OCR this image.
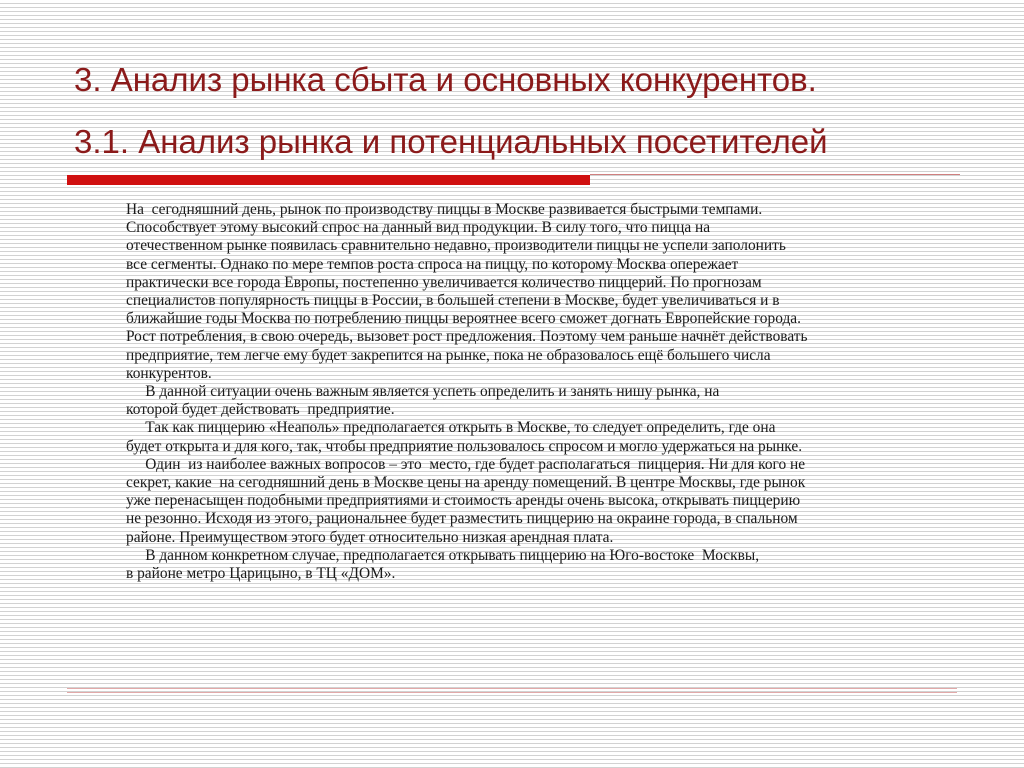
3. Анализ рынка сбыта и основных конкурентов.
3.1. Анализ рынка и потенциальных посетителей
На  сегодняшний день, рынок по производству пиццы в Москве развивается быстрыми темпами.
Способствует этому высокий спрос на данный вид продукции. В силу того, что пицца на
отечественном рынке появилась сравнительно недавно, производители пиццы не успели заполонить
все сегменты. Однако по мере темпов роста спроса на пиццу, по которому Москва опережает
практически все города Европы, постепенно увеличивается количество пиццерий. По прогнозам
специалистов популярность пиццы в России, в большей степени в Москве, будет увеличиваться и в
ближайшие годы Москва по потреблению пиццы вероятнее всего сможет догнать Европейские города.
Рост потребления, в свою очередь, вызовет рост предложения. Поэтому чем раньше начнёт действовать
предприятие, тем легче ему будет закрепится на рынке, пока не образовалось ещё большего числа
конкурентов.
В данной ситуации очень важным является успеть определить и занять нишу рынка, на
которой будет действовать  предприятие.
Так как пиццерию «Неаполь» предполагается открыть в Москве, то следует определить, где она
будет открыта и для кого, так, чтобы предприятие пользовалось спросом и могло удержаться на рынке.
Один  из наиболее важных вопросов – это  место, где будет располагаться  пиццерия. Ни для кого не
секрет, какие  на сегодняшний день в Москве цены на аренду помещений. В центре Москвы, где рынок
уже перенасыщен подобными предприятиями и стоимость аренды очень высока, открывать пиццерию
не резонно. Исходя из этого, рациональнее будет разместить пиццерию на окраине города, в спальном
районе. Преимуществом этого будет относительно низкая арендная плата.
В данном конкретном случае, предполагается открывать пиццерию на Юго-востоке  Москвы,
в районе метро Царицыно, в ТЦ «ДОМ».
